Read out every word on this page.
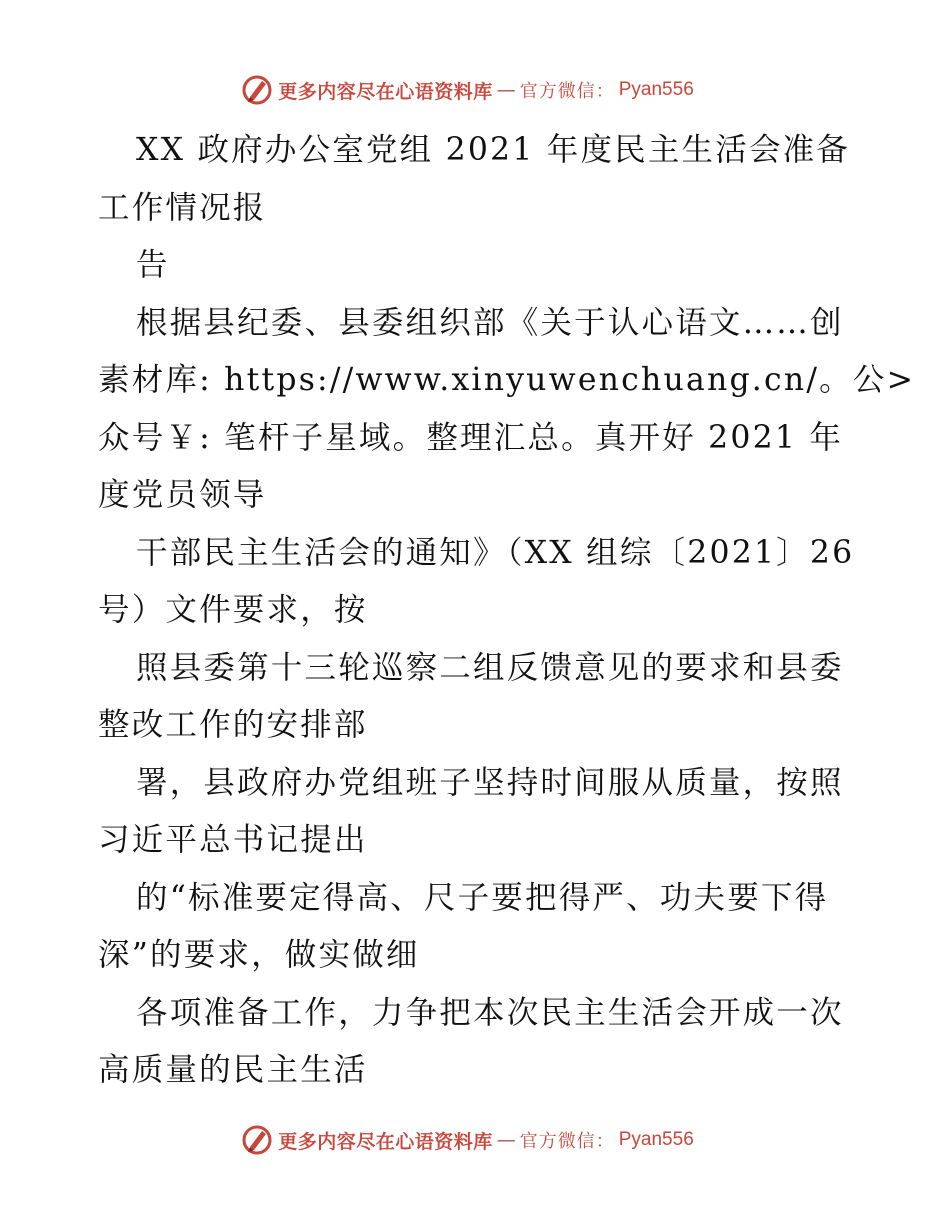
更多内容尽在心语资料库 — 官方微信： Pyan556
XX 政府办公室党组 2021 年度民主生活会准备
工作情况报
告
根据县纪委、县委组织部《关于认心语文……创
素材库: https://www.xinyuwenchuang.cn/。公>
众号￥: 笔杆子星域。整理汇总。真开好 2021 年
度党员领导
干部民主生活会的通知》（XX 组综〔2021〕26
号）文件要求，按
照县委第十三轮巡察二组反馈意见的要求和县委
整改工作的安排部
署，县政府办党组班子坚持时间服从质量，按照
习近平总书记提出
的“标准要定得高、尺子要把得严、功夫要下得
深”的要求，做实做细
各项准备工作，力争把本次民主生活会开成一次
高质量的民主生活
更多内容尽在心语资料库 — 官方微信： Pyan556
